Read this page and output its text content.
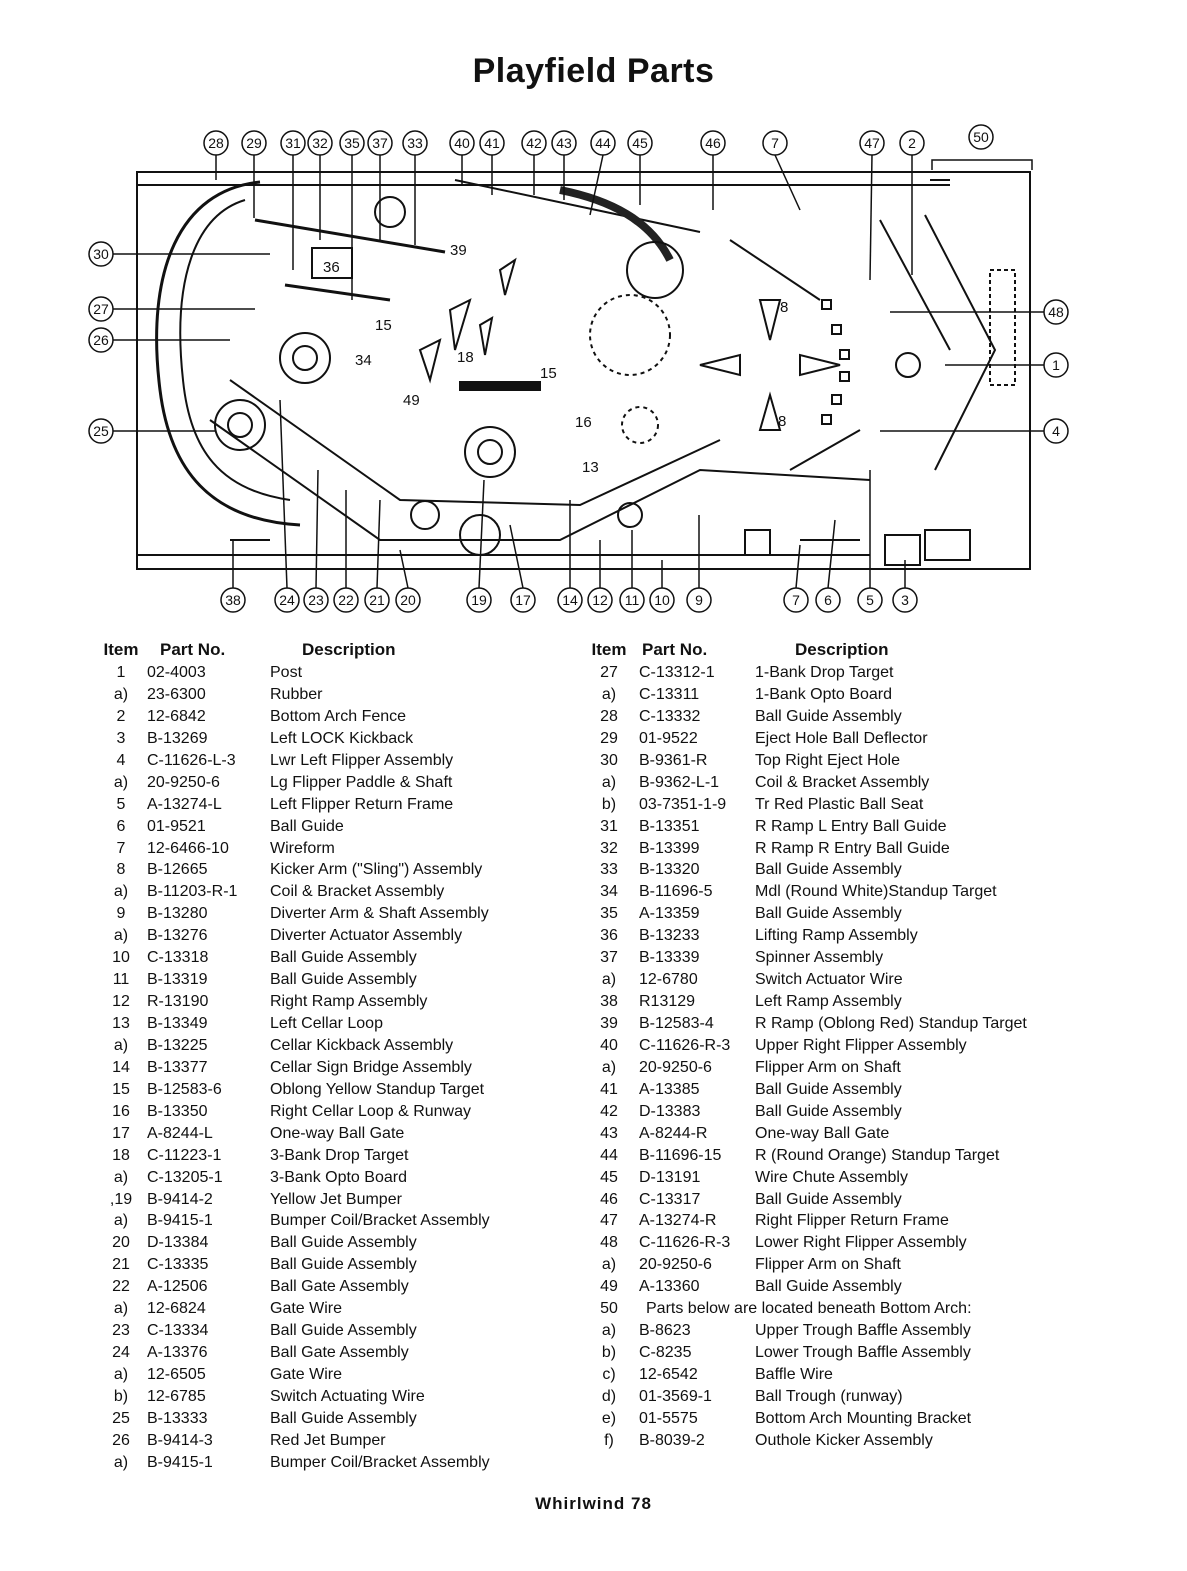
Playfield Parts
28 29 31 32 35 37 33 40 41 42 43 44 45	46	7	47 2	50
30
27
26
25
48
1
4
38	24 23 22 21 20	19 17 14 12 11 10 9	7 6 5 3
39
36
15
34	18
15
49
16
13
8
8
Item Part No.	Description
1	02-4003	Post
a)	23-6300	Rubber
2	12-6842	Bottom Arch Fence
3	B-13269	Left LOCK Kickback
4	C-11626-L-3 Lwr Left Flipper Assembly
a)	20-9250-6	Lg Flipper Paddle & Shaft
5	A-13274-L	Left Flipper Return Frame
6	01-9521	Ball Guide
7	12-6466-10	Wireform
8	B-12665	Kicker Arm ("Sling") Assembly
a)	B-11203-R-1 Coil & Bracket Assembly
9	B-13280	Diverter Arm & Shaft Assembly
a)	B-13276	Diverter Actuator Assembly
10	C-13318	Ball Guide Assembly
11	B-13319	Ball Guide Assembly
12	R-13190	Right Ramp Assembly
13	B-13349	Left Cellar Loop
a)	B-13225	Cellar Kickback Assembly
14	B-13377	Cellar Sign Bridge Assembly
15	B-12583-6	Oblong Yellow Standup Target
16	B-13350	Right Cellar Loop & Runway
17	A-8244-L	One-way Ball Gate
18	C-11223-1	3-Bank Drop Target
a)	C-13205-1	3-Bank Opto Board
,19 B-9414-2	Yellow Jet Bumper
a)	B-9415-1	Bumper Coil/Bracket Assembly
20	D-13384	Ball Guide Assembly
21	C-13335	Ball Guide Assembly
22	A-12506	Ball Gate Assembly
a)	12-6824	Gate Wire
23	C-13334	Ball Guide Assembly
24	A-13376	Ball Gate Assembly
a)	12-6505	Gate Wire
b)	12-6785	Switch Actuating Wire
25	B-13333	Ball Guide Assembly
26	B-9414-3	Red Jet Bumper
a)	B-9415-1	Bumper Coil/Bracket Assembly
Item Part No.	Description
27	C-13312-1	1-Bank Drop Target
a)	C-13311	1-Bank Opto Board
28	C-13332	Ball Guide Assembly
29	01-9522	Eject Hole Ball Deflector
30	B-9361-R	Top Right Eject Hole
a)	B-9362-L-1 Coil & Bracket Assembly
b)	03-7351-1-9 Tr Red Plastic Ball Seat
31	B-13351	R Ramp L Entry Ball Guide
32	B-13399	R Ramp R Entry Ball Guide
33	B-13320	Ball Guide Assembly
34	B-11696-5	Mdl (Round White)Standup Target
35	A-13359	Ball Guide Assembly
36	B-13233	Lifting Ramp Assembly
37	B-13339	Spinner Assembly
a)	12-6780	Switch Actuator Wire
38	R13129	Left Ramp Assembly
39	B-12583-4	R Ramp (Oblong Red) Standup Target
40	C-11626-R-3 Upper Right Flipper Assembly
a)	20-9250-6	Flipper Arm on Shaft
41	A-13385	Ball Guide Assembly
42	D-13383	Ball Guide Assembly
43	A-8244-R	One-way Ball Gate
44	B-11696-15 R (Round Orange) Standup Target
45	D-13191	Wire Chute Assembly
46	C-13317	Ball Guide Assembly
47	A-13274-R Right Flipper Return Frame
48	C-11626-R-3 Lower Right Flipper Assembly
a)	20-9250-6	Flipper Arm on Shaft
49	A-13360	Ball Guide Assembly
50	Parts below are located beneath Bottom Arch:
a)	B-8623	Upper Trough Baffle Assembly
b)	C-8235	Lower Trough Baffle Assembly
c)	12-6542	Baffle Wire
d)	01-3569-1	Ball Trough (runway)
e)	01-5575	Bottom Arch Mounting Bracket
f)	B-8039-2	Outhole Kicker Assembly
Whirlwind 78
